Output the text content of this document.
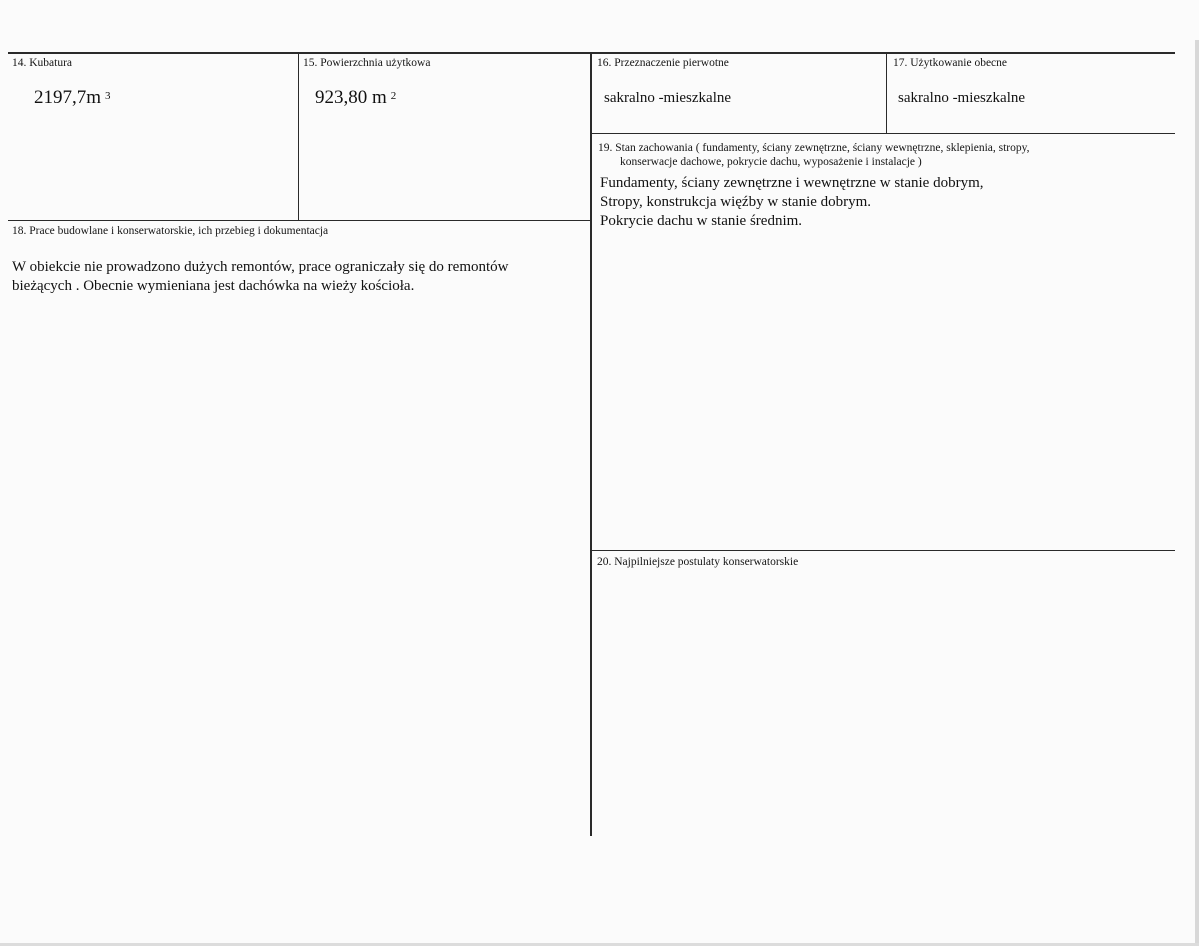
14. Kubatura
2197,7m $^3$
15. Powierzchnia użytkowa
923,80 m $^2$
16. Przeznaczenie pierwotne
sakralno -mieszkalne
17. Użytkowanie obecne
sakralno -mieszkalne
19. Stan zachowania ( fundamenty, ściany zewnętrzne, ściany wewnętrzne, sklepienia, stropy,
konserwacje dachowe, pokrycie dachu, wyposażenie i instalacje )
Fundamenty, ściany zewnętrzne i wewnętrzne w stanie dobrym,
Stropy, konstrukcja więźby w stanie dobrym.
Pokrycie dachu w stanie średnim.
18. Prace budowlane i konserwatorskie, ich przebieg i dokumentacja
W obiekcie nie prowadzono dużych remontów, prace ograniczały się do remontów
bieżących . Obecnie wymieniana jest dachówka na wieży kościoła.
20. Najpilniejsze postulaty konserwatorskie
